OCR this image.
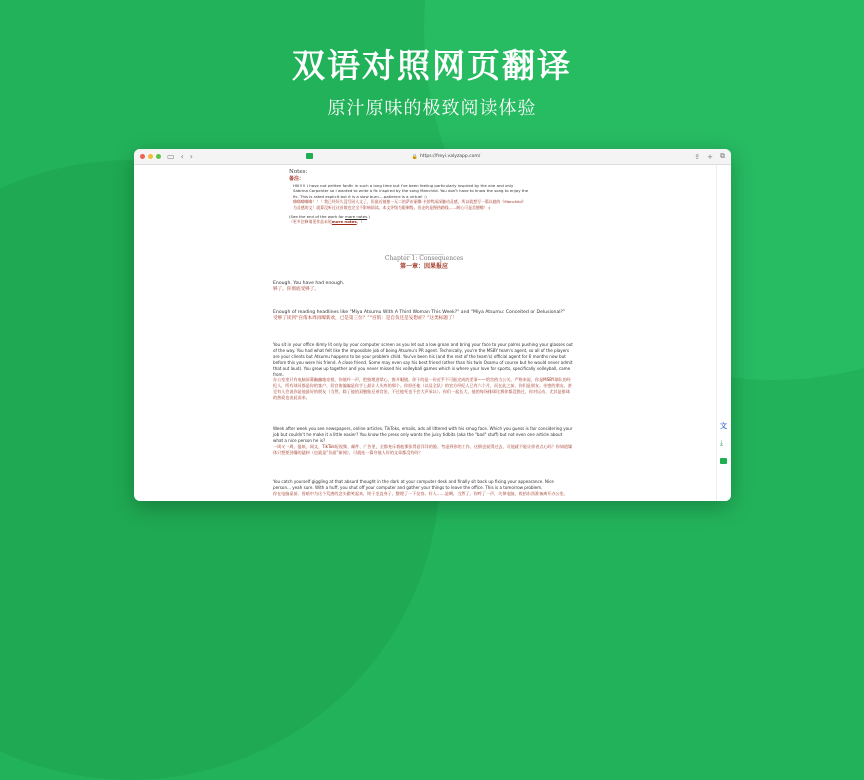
双语对照网页翻译
原汁原味的极致阅读体验
▭ ‹ ›	🔒 https://freyi.valyzapp.com/	⇪ + ⧉
Notes:
备注：
HIII!!!! I have not written fanfic in such a long time but I've been feeling particularly inspired by the one and only Sabrina Carpenter so I wanted to write a fic inspired by the song Manchild. You don't have to know the song to enjoy the fic. This is rated explicit but it is a slow burn....patience is a virtue! :)
嗨嗨嗨嗨嗨！！！我已经好久没写同人文了，但最近被独一无二的萨布丽娜·卡彭特深深触动灵感，所以就想写一篇以她的《Manchild》为灵感的文！就算没听过这首歌也完全不影响阅读。本文评级为限制级，但走的是慢热路线……耐心可是美德哦！:)
(See the end of the work for more notes.)
（更多注释请见作品末尾more notes。）
Chapter 1: Consequences
第一章：因果报应
Enough. You have had enough.
够了。你彻底受够了。
Enough of reading headlines like "Miya Atsumu With A Third Woman This Week?" and "Miya Atsumu: Conceited or Delusional?"
受够了读到“宫侑本周再曝新欢，已是第三位？”“宫侑：是自负还是妄想症？”这类标题了！
You sit in your office dimly lit only by your computer screen as you let out a low groan and bring your face to your palms pushing your glasses out of the way. You had what felt like the impossible job of being Atsumu's PR agent. Technically, you're the MSBY team's agent, so all of the players are your clients but Atsumu happens to be your problem child. You've been his (and the rest of the team's) official agent for 6 months now but before this you were his friend. A close friend. Some may even say his best friend (other than his twin Osamu of course but he would never admit that out loud). You grew up together and you never missed his volleyball games which is where your love for sports, specifically volleyball, came from.
办公室里只有电脑屏幕幽幽地亮着，你低吟一声，把脸埋进掌心，推开眼镜。你干的是一份近乎不可能完成的差事——给宫侑当公关。严格来说，你是MSBY球队的经纪人，所有球员都是你的客户，但宫侑偏偏是你手上最让人头疼的那个。你担任他（以及全队）的官方经纪人已有六个月，而在此之前，你们是朋友。亲密的朋友。甚至有人会说你是他最好的朋友（当然，除了他的双胞胎兄弟宫治，不过他死也不会大声承认）。你们一起长大，他的每场排球比赛你都没错过，你对运动、尤其是排球的热爱也由此而来。
Week after week you see newspapers, online articles, TikToks, emails, ads all littered with his smug face. Which you guess is fair considering your job but couldn't he make it a little easier? You know the press only wants the juicy tidbits (aka the "bad" stuff) but not even one article about what a nice person he is?
一周又一周，报纸、网文、TikTok短视频、邮件、广告里，全都充斥着他那张得意洋洋的脸。考虑到你的工作，这倒也说得过去，可他就不能让你省点心吗？你知道媒体只想要劲爆的猛料（也就是“负面”新闻），可就连一篇夸他人好的文章都没有吗？
You catch yourself giggling at that absurd thought in the dark at your computer desk and finally sit back up fixing your appearance. Nice person... yeah sure. With a huff, you shut off your computer and gather your things to leave the office. This is a tomorrow problem.
你在电脑桌前、昏暗中为这个荒唐的念头偷笑起来，终于坐直身子，整理了一下仪容。好人……是啊，当然了。你哼了一声，关掉电脑，收拾东西准备离开办公室。
文
⤓
